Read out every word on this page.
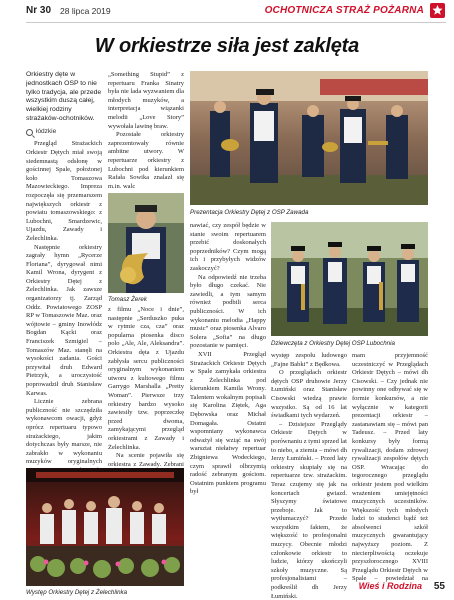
Nr 30 28 lipca 2019	OCHOTNICZA STRAŻ POŻARNA
W orkiestrze siła jest zaklęta

Orkiestry dęte w jednostkach OSP to nie tylko tradycja, ale przede wszystkim duszą całej, wielkiej rodziny strażaków-ochotników.

łódzkie

Przegląd Strażackich Orkiestr Dętych miał swoją siedemnastą odsłonę w gościnnej Spale, położonej koło Tomaszowa Mazowieckiego. Impreza rozpoczęła się przemarszem największych orkiestr z powiatu tomaszowskiego: z Lubochni, Smardzewic, Ujazdu, Zawady i Żelechlinka.

Następnie orkiestry zagrały hymn „Rycerze Floriana”, dyrygował nimi Kamil Wrona, dyrygent z Orkiestry Dętej z Żelechlinka. Jak zawsze organizatorzy tj. Zarząd Oddz. Powiatowego ZOSP RP w Tomaszowie Maz. oraz wójtowie – gminy Inowłódz Bogdan Kącki oraz Franciszek Szmigiel – Tomaszów Maz. stanęli na wysokości zadania. Gości przywitał druh Edward Pietrzyk, a uroczystość poprowadził druh Stanisław Karwas.

Licznie zebrana publiczność nie szczędziła wykonawcom owacji, gdyż oprócz repertuaru typowo strażackiego, jakim dotychczas były marsze, nie zabrakło w wykonaniu muzyków oryginalnych

„Something Stupid” z repertuaru Franka Sinatry była nie lada wyzwaniem dla młodych muzyków, a interpretacja wiązanki melodii „Love Story” wywołała lawinę braw.

Pozostałe orkiestry zaprezentowały równie ambitne utwory. W repertuarze orkiestry z Lubochni pod kierunkiem Rafała Sowika znalazł się m.in. walc

Prezentacja Orkiestry Dętej z OSP Zawada
Tomasz Żerek

z filmu „Noce i dnie”, następnie „Serduszko puka w rytmie cza, cza” oraz popularna piosenka disco polo „Ale, Ale, Aleksandra”. Orkiestra dęta z Ujazdu zabłysła sercu publiczności oryginalnym wykonaniem utworu z kultowego filmu Garrygo Marshalla „Pretty Woman”. Pierwsze trzy orkiestry bardzo wysoko zawiesiły tzw. poprzeczkę przed dwoma, zamykającymi przegląd orkiestrami z Zawady i Żelechlinka.

Na scenie pojawiła się orkiestra z Zawady. Zebrani

nawiać, czy zespół będzie w stanie swoim repertuarem przebić doskonałych poprzedników? Czym mogą ich i przybyłych widzów zaskoczyć?

Na odpowiedź nie trzeba było długo czekać. Nie zawiedli, a tym samym również podbili serca publiczności. W ich wykonaniu melodia „Happy music” oraz piosenka Alvaro Solera „Sofia” na długo pozostanie w pamięci.

XVII Przegląd Strażackich Orkiestr Dętych w Spale zamykała orkiestra z Żelechlinka pod kierunkiem Kamila Wrony. Talentem wokalnym popisali się Karolina Ziętek, Aga Dębowska oraz Michał Domagała. Ostatni wspomniany wykonawca odważył się wziąć na swój warsztat niełatwy repertuar Zbigniewa Wodeckiego, czym sprawił olbrzymią radość zebranym gościom. Ostatnim punktem programu był

Dziewczęta z Orkiestry Dętej OSP Lubochnia

występ zespołu ludowego „Fajne Babki” z Będkowa.

O przeglądach orkiestr dętych OSP druhowie Jerzy Łumiński oraz Stanisław Cisowski wiedzą prawie wszystko. Są od 16 lat świadkami tych wydarzeń.

– Dzisiejsze Przeglądy Orkiestr Dętych w porównaniu z tymi sprzed lat to niebo, a ziemia – mówi dh Jerzy Łumiński. – Przed laty orkiestry skupiały się na repertuarze tzw. strażackim. Teraz czujemy się jak na koncertach gwiazd. Słyszymy światowe przeboje. Jak to wytłumaczyć? Przede wszystkim faktem, że większość to profesjonalni muzycy. Obecnie młodzi członkowie orkiestr to ludzie, którzy ukończyli szkoły muzyczne. Są profesjonalistami – podkreślił dh Jerzy Łumiński.

mam przyjemność uczestniczyć w Przeglądach Orkiestr Dętych – mówi dh Cisowski. – Czy jednak nie powinny one odbywać się w formie konkursów, a nie wyłącznie w kategorii prezentacji orkiestr – zastanawiam się – mówi pan Tadeusz. – Przed laty konkursy były formą rywalizacji, dodam zdrowej rywalizacji zespołów dętych OSP. Wracając do tegorocznego przeglądu orkiestr jestem pod wielkim wrażeniem umiejętności muzycznych uczestników. Większość tych młodych ludzi to studenci bądź też absolwenci szkół muzycznych gwarantujący najwyższy poziom. Z niecierpliwością oczekuje przyszłorocznego XVIII Przeglądu Orkiestr Dętych w Spale – powiedział na

Występ Orkiestry Dętej z Żelechlinka
Wieś i Rodzina 55
